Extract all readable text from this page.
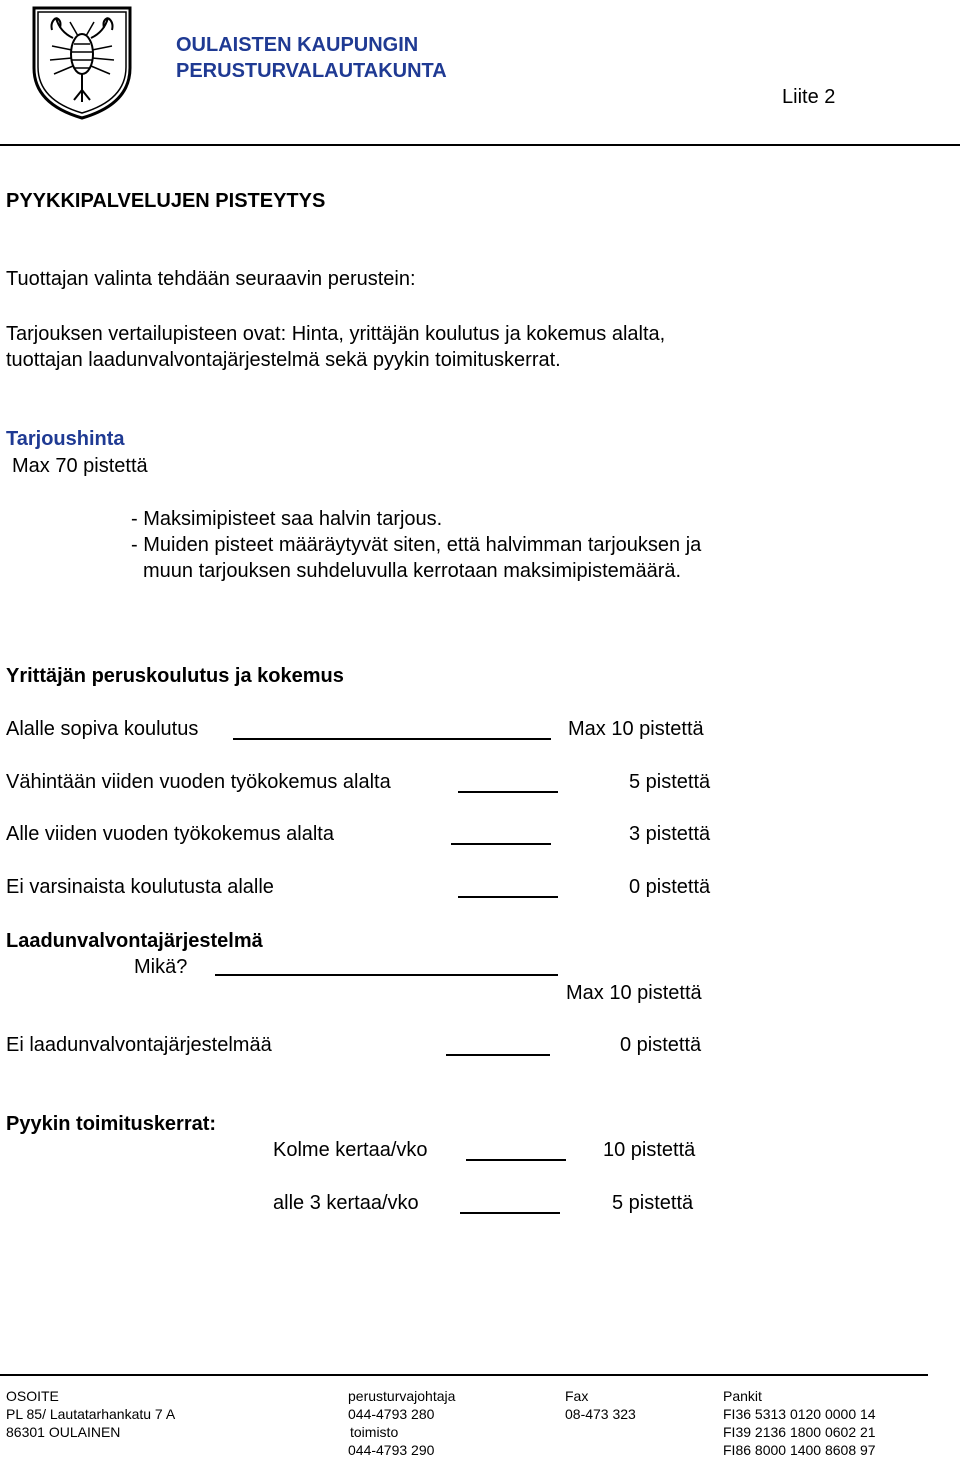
OULAISTEN KAUPUNGIN
PERUSTURVALAUTAKUNTA
Liite 2
PYYKKIPALVELUJEN PISTEYTYS
Tuottajan valinta tehdään seuraavin perustein:
Tarjouksen vertailupisteen ovat: Hinta, yrittäjän koulutus ja kokemus alalta,
tuottajan laadunvalvontajärjestelmä sekä pyykin toimituskerrat.
Tarjoushinta
Max 70 pistettä
- Maksimipisteet saa halvin tarjous.
- Muiden pisteet määräytyvät siten, että halvimman tarjouksen ja
muun tarjouksen suhdeluvulla kerrotaan maksimipistemäärä.
Yrittäjän peruskoulutus ja kokemus
Alalle sopiva koulutus	Max 10 pistettä
Vähintään viiden vuoden työkokemus alalta	5 pistettä
Alle viiden vuoden työkokemus alalta	3 pistettä
Ei varsinaista koulutusta alalle	0 pistettä
Laadunvalvontajärjestelmä
Mikä?
Max 10 pistettä
Ei laadunvalvontajärjestelmää	0 pistettä
Pyykin toimituskerrat:
Kolme kertaa/vko	10 pistettä
alle 3 kertaa/vko	5 pistettä
OSOITE
PL 85/ Lautatarhankatu 7 A
86301 OULAINEN
perusturvajohtaja
044-4793 280
toimisto
044-4793 290
Fax
08-473 323
Pankit
FI36 5313 0120 0000 14
FI39 2136 1800 0602 21
FI86 8000 1400 8608 97
